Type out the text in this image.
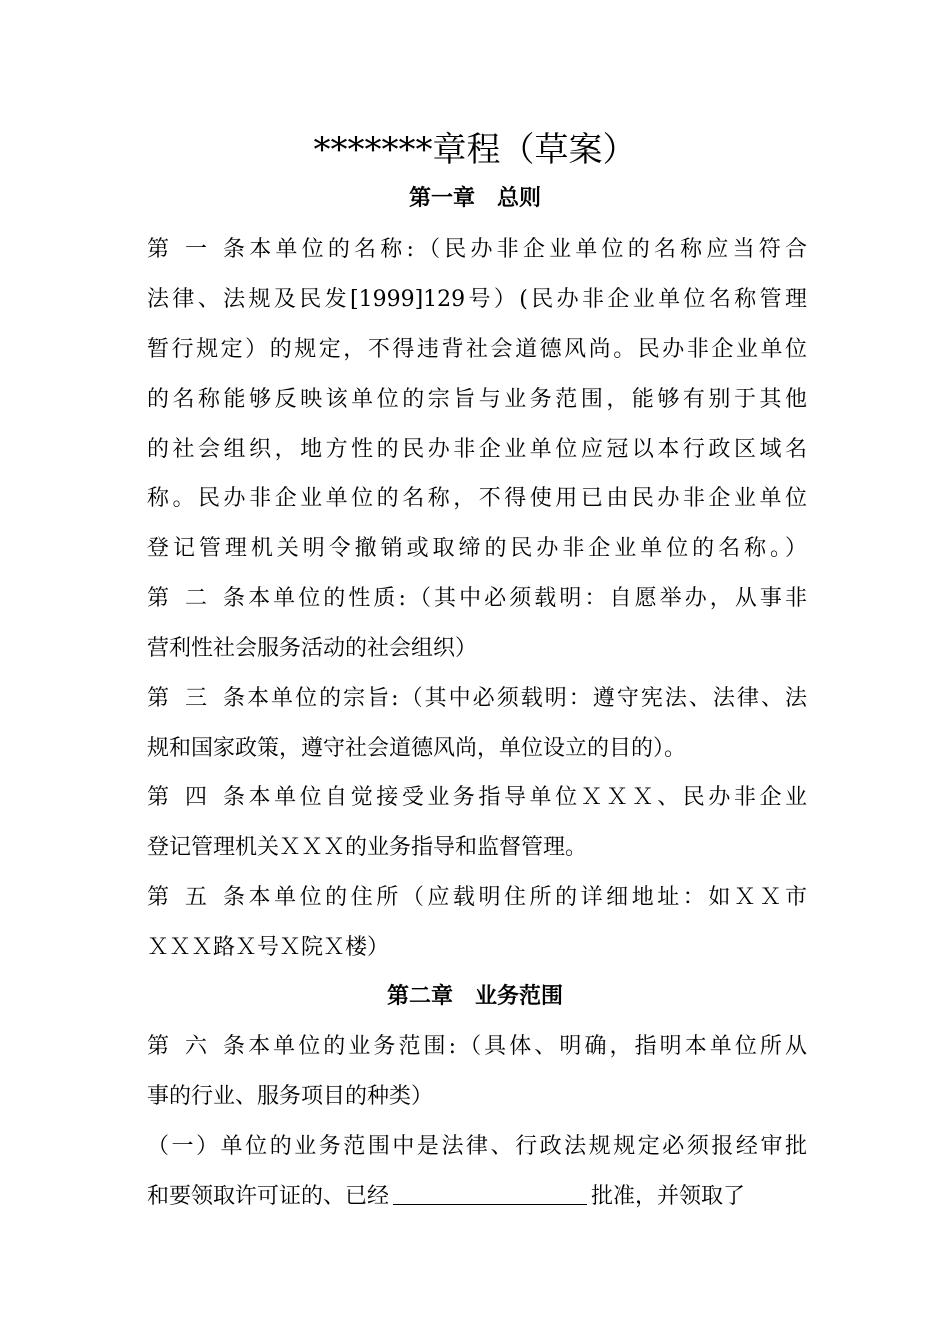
*******章程（草案）
第一章　总则
第一条本单位的名称:（民办非企业单位的名称应当符合
法律、法规及民发[1999]129号）(民办非企业单位名称管理
暂行规定）的规定，不得违背社会道德风尚。民办非企业单位
的名称能够反映该单位的宗旨与业务范围，能够有别于其他
的社会组织，地方性的民办非企业单位应冠以本行政区域名
称。民办非企业单位的名称，不得使用已由民办非企业单位
登记管理机关明令撤销或取缔的民办非企业单位的名称。）
第二条本单位的性质:（其中必须载明：自愿举办，从事非
营利性社会服务活动的社会组织）
第三条本单位的宗旨:（其中必须载明：遵守宪法、法律、法
规和国家政策，遵守社会道德风尚，单位设立的目的）。
第四条本单位自觉接受业务指导单位ＸＸＸ、民办非企业
登记管理机关ＸＸＸ的业务指导和监督管理。
第五条本单位的住所（应载明住所的详细地址：如ＸＸ市
ＸＸＸ路Ｘ号Ｘ院Ｘ楼）
第二章　业务范围
第六条本单位的业务范围:（具体、明确，指明本单位所从
事的行业、服务项目的种类）
（一）单位的业务范围中是法律、行政法规规定必须报经审批
和要领取许可证的、已经	批准，并领取了
